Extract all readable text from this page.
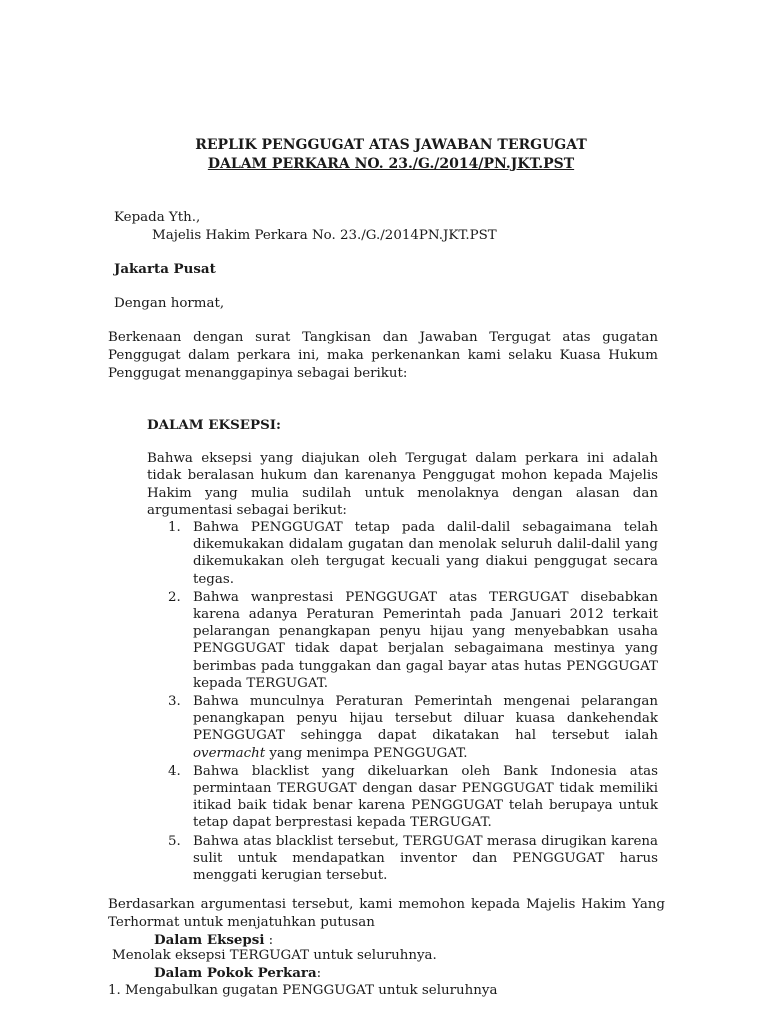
REPLIK PENGGUGAT ATAS JAWABAN TERGUGAT
DALAM PERKARA NO. 23./G./2014/PN.JKT.PST
Kepada Yth.,
Majelis Hakim Perkara No. 23./G./2014PN.JKT.PST
Jakarta Pusat
Dengan hormat,
Berkenaan dengan surat Tangkisan dan Jawaban Tergugat atas gugatan Penggugat dalam perkara ini, maka perkenankan kami selaku Kuasa Hukum Penggugat menanggapinya sebagai berikut:
DALAM EKSEPSI:
Bahwa eksepsi yang diajukan oleh Tergugat dalam perkara ini adalah tidak beralasan hukum dan karenanya Penggugat mohon kepada Majelis Hakim yang mulia sudilah untuk menolaknya dengan alasan dan argumentasi sebagai berikut:
1. Bahwa PENGGUGAT tetap pada dalil-dalil sebagaimana telah dikemukakan didalam gugatan dan menolak seluruh dalil-dalil yang dikemukakan oleh tergugat kecuali yang diakui penggugat secara tegas.
2. Bahwa wanprestasi PENGGUGAT atas TERGUGAT disebabkan karena adanya Peraturan Pemerintah pada Januari 2012 terkait pelarangan penangkapan penyu hijau yang menyebabkan usaha PENGGUGAT tidak dapat berjalan sebagaimana mestinya yang berimbas pada tunggakan dan gagal bayar atas hutas PENGGUGAT kepada TERGUGAT.
3. Bahwa munculnya Peraturan Pemerintah mengenai pelarangan penangkapan penyu hijau tersebut diluar kuasa dankehendak PENGGUGAT sehingga dapat dikatakan hal tersebut ialah overmacht yang menimpa PENGGUGAT.
4. Bahwa blacklist yang dikeluarkan oleh Bank Indonesia atas permintaan TERGUGAT dengan dasar PENGGUGAT tidak memiliki itikad baik tidak benar karena PENGGUGAT telah berupaya untuk tetap dapat berprestasi kepada TERGUGAT.
5. Bahwa atas blacklist tersebut, TERGUGAT merasa dirugikan karena sulit untuk mendapatkan inventor dan PENGGUGAT harus menggati kerugian tersebut.
Berdasarkan argumentasi tersebut, kami memohon kepada Majelis Hakim Yang Terhormat untuk menjatuhkan putusan
Dalam Eksepsi :
Menolak eksepsi TERGUGAT untuk seluruhnya.
Dalam Pokok Perkara:
1. Mengabulkan gugatan PENGGUGAT untuk seluruhnya
